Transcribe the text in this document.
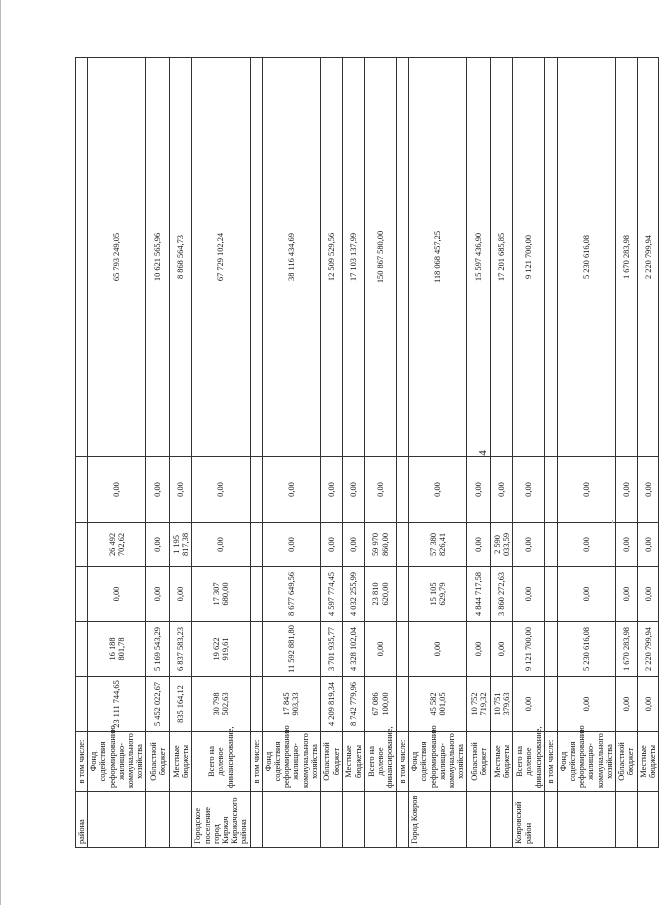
4
района	в том числе:						
	Фонд содействия реформированию жилищно-коммунального хозяйства	23 111 744,65	16 188 801,78	0,00	26 492 702,62	0,00	65 793 249,05
	Областной бюджет	5 452 022,67	5 169 543,29	0,00	0,00	0,00	10 621 565,96
	Местные бюджеты	835 164,12	6 837 583,23	0,00	1 195 817,38	0,00	8 868 564,73
Городское поселение город Киржач Киржачского района	Всего на долевое финансирование,	30 798 502,63	19 622 919,61	17 307 680,00	0,00	0,00	67 729 102,24
	в том числе:						
	Фонд содействия реформированию жилищно-коммунального хозяйства	17 845 903,33	11 592 881,80	8 677 649,56	0,00	0,00	38 116 434,69
	Областной бюджет	4 209 819,34	3 701 935,77	4 597 774,45	0,00	0,00	12 509 529,56
	Местные бюджеты	8 742 779,96	4 328 102,04	4 032 255,99	0,00	0,00	17 103 137,99
	Всего на долевое финансирование,	67 086 100,00	0,00	23 810 620,00	59 970 860,00	0,00	150 867 580,00
	в том числе:						
Город Ковров	Фонд содействия реформированию жилищно-коммунального хозяйства	45 582 001,05	0,00	15 105 629,79	57 380 826,41	0,00	118 068 457,25
	Областной бюджет	10 752 719,32	0,00	4 844 717,58	0,00	0,00	15 597 436,90
	Местные бюджеты	10 751 379,63	0,00	3 860 272,63	2 590 033,59	0,00	17 201 685,85
Ковровский район	Всего на долевое финансирование,	0,00	9 121 700,00	0,00	0,00	0,00	9 121 700,00
	в том числе:						
	Фонд содействия реформированию жилищно-коммунального хозяйства	0,00	5 230 616,08	0,00	0,00	0,00	5 230 616,08
	Областной бюджет	0,00	1 670 283,98	0,00	0,00	0,00	1 670 283,98
	Местные бюджеты	0,00	2 220 799,94	0,00	0,00	0,00	2 220 799,94
